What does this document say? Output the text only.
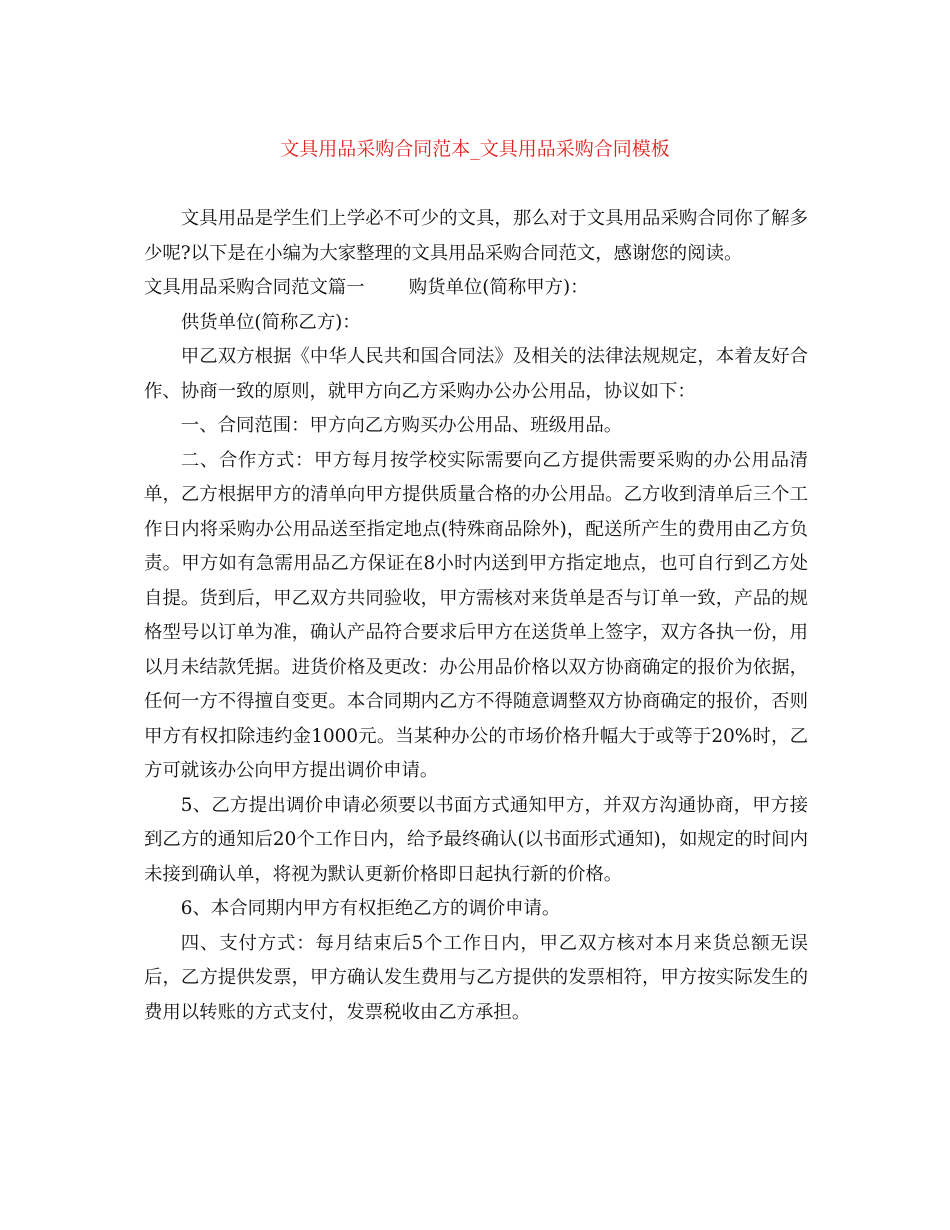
文具用品采购合同范本_文具用品采购合同模板

文具用品是学生们上学必不可少的文具，那么对于文具用品采购合同你了解多少呢?以下是在小编为大家整理的文具用品采购合同范文，感谢您的阅读。

文具用品采购合同范文篇一 购货单位(简称甲方)：

供货单位(简称乙方)：

甲乙双方根据《中华人民共和国合同法》及相关的法律法规规定，本着友好合作、协商一致的原则，就甲方向乙方采购办公办公用品，协议如下：

一、合同范围：甲方向乙方购买办公用品、班级用品。

二、合作方式：甲方每月按学校实际需要向乙方提供需要采购的办公用品清单，乙方根据甲方的清单向甲方提供质量合格的办公用品。乙方收到清单后三个工作日内将采购办公用品送至指定地点(特殊商品除外)，配送所产生的费用由乙方负责。甲方如有急需用品乙方保证在8小时内送到甲方指定地点，也可自行到乙方处自提。货到后，甲乙双方共同验收，甲方需核对来货单是否与订单一致，产品的规格型号以订单为准，确认产品符合要求后甲方在送货单上签字，双方各执一份，用以月未结款凭据。进货价格及更改：办公用品价格以双方协商确定的报价为依据，任何一方不得擅自变更。本合同期内乙方不得随意调整双方协商确定的报价，否则甲方有权扣除违约金1000元。当某种办公的市场价格升幅大于或等于20%时，乙方可就该办公向甲方提出调价申请。

5、乙方提出调价申请必须要以书面方式通知甲方，并双方沟通协商，甲方接到乙方的通知后20个工作日内，给予最终确认(以书面形式通知)，如规定的时间内未接到确认单，将视为默认更新价格即日起执行新的价格。

6、本合同期内甲方有权拒绝乙方的调价申请。

四、支付方式：每月结束后5个工作日内，甲乙双方核对本月来货总额无误后，乙方提供发票，甲方确认发生费用与乙方提供的发票相符，甲方按实际发生的费用以转账的方式支付，发票税收由乙方承担。
